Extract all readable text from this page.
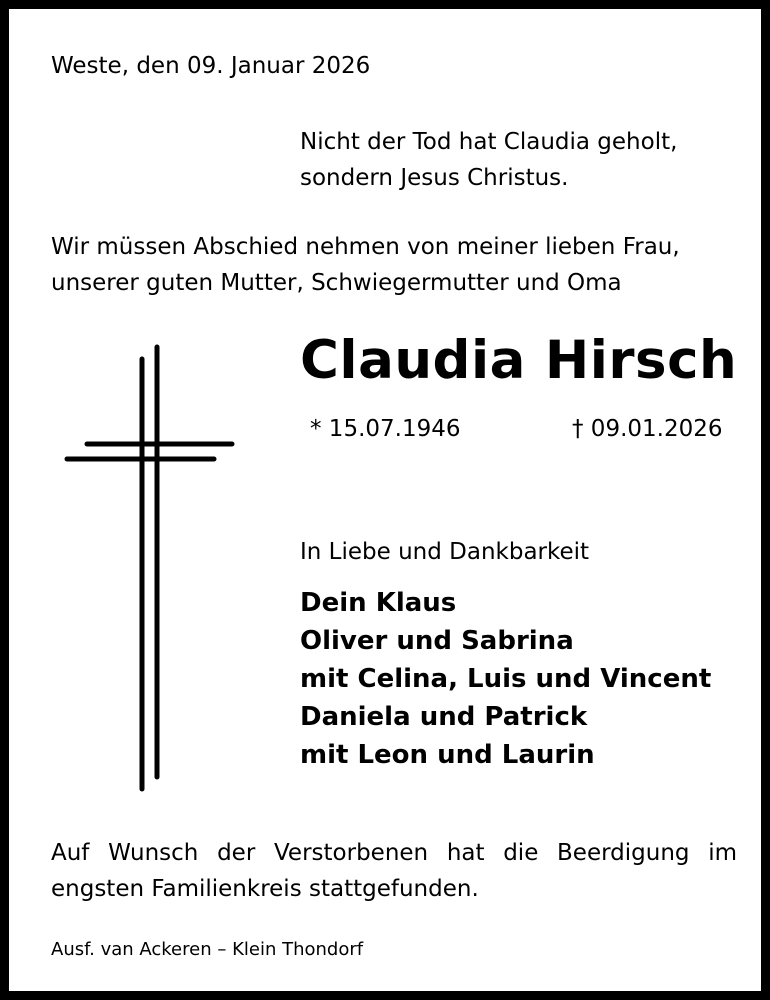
Weste, den 09. Januar 2026
Nicht der Tod hat Claudia geholt,
sondern Jesus Christus.
Wir müssen Abschied nehmen von meiner lieben Frau,
unserer guten Mutter, Schwiegermutter und Oma
Claudia Hirsch
* 15.07.1946	† 09.01.2026
In Liebe und Dankbarkeit
Dein Klaus
Oliver und Sabrina
mit Celina, Luis und Vincent
Daniela und Patrick
mit Leon und Laurin
Auf Wunsch der Verstorbenen hat die Beerdigung im engsten Familienkreis stattgefunden.
Ausf. van Ackeren – Klein Thondorf
